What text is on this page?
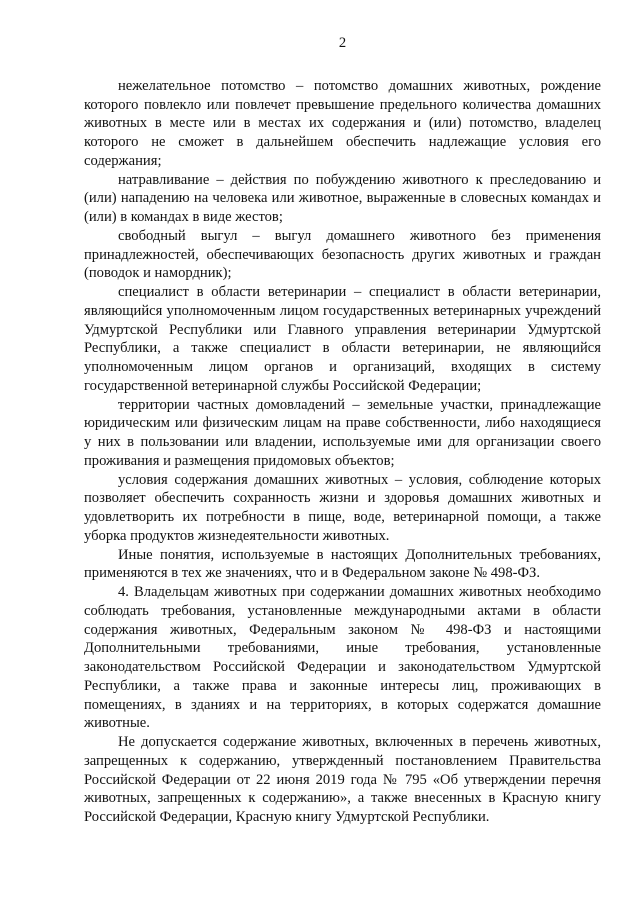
2

нежелательное потомство – потомство домашних животных, рождение которого повлекло или повлечет превышение предельного количества домашних животных в месте или в местах их содержания и (или) потомство, владелец которого не сможет в дальнейшем обеспечить надлежащие условия его содержания;

натравливание – действия по побуждению животного к преследованию и (или) нападению на человека или животное, выраженные в словесных командах и (или) в командах в виде жестов;

свободный выгул – выгул домашнего животного без применения принадлежностей, обеспечивающих безопасность других животных и граждан (поводок и намордник);

специалист в области ветеринарии – специалист в области ветеринарии, являющийся уполномоченным лицом государственных ветеринарных учреждений Удмуртской Республики или Главного управления ветеринарии Удмуртской Республики, а также специалист в области ветеринарии, не являющийся уполномоченным лицом органов и организаций, входящих в систему государственной ветеринарной службы Российской Федерации;

территории частных домовладений – земельные участки, принадлежащие юридическим или физическим лицам на праве собственности, либо находящиеся у них в пользовании или владении, используемые ими для организации своего проживания и размещения придомовых объектов;

условия содержания домашних животных – условия, соблюдение которых позволяет обеспечить сохранность жизни и здоровья домашних животных и удовлетворить их потребности в пище, воде, ветеринарной помощи, а также уборка продуктов жизнедеятельности животных.

Иные понятия, используемые в настоящих Дополнительных требованиях, применяются в тех же значениях, что и в Федеральном законе № 498-ФЗ.

4. Владельцам животных при содержании домашних животных необходимо соблюдать требования, установленные международными актами в области содержания животных, Федеральным законом № 498-ФЗ и настоящими Дополнительными требованиями, иные требования, установленные законодательством Российской Федерации и законодательством Удмуртской Республики, а также права и законные интересы лиц, проживающих в помещениях, в зданиях и на территориях, в которых содержатся домашние животные.

Не допускается содержание животных, включенных в перечень животных, запрещенных к содержанию, утвержденный постановлением Правительства Российской Федерации от 22 июня 2019 года № 795 «Об утверждении перечня животных, запрещенных к содержанию», а также внесенных в Красную книгу Российской Федерации, Красную книгу Удмуртской Республики.
